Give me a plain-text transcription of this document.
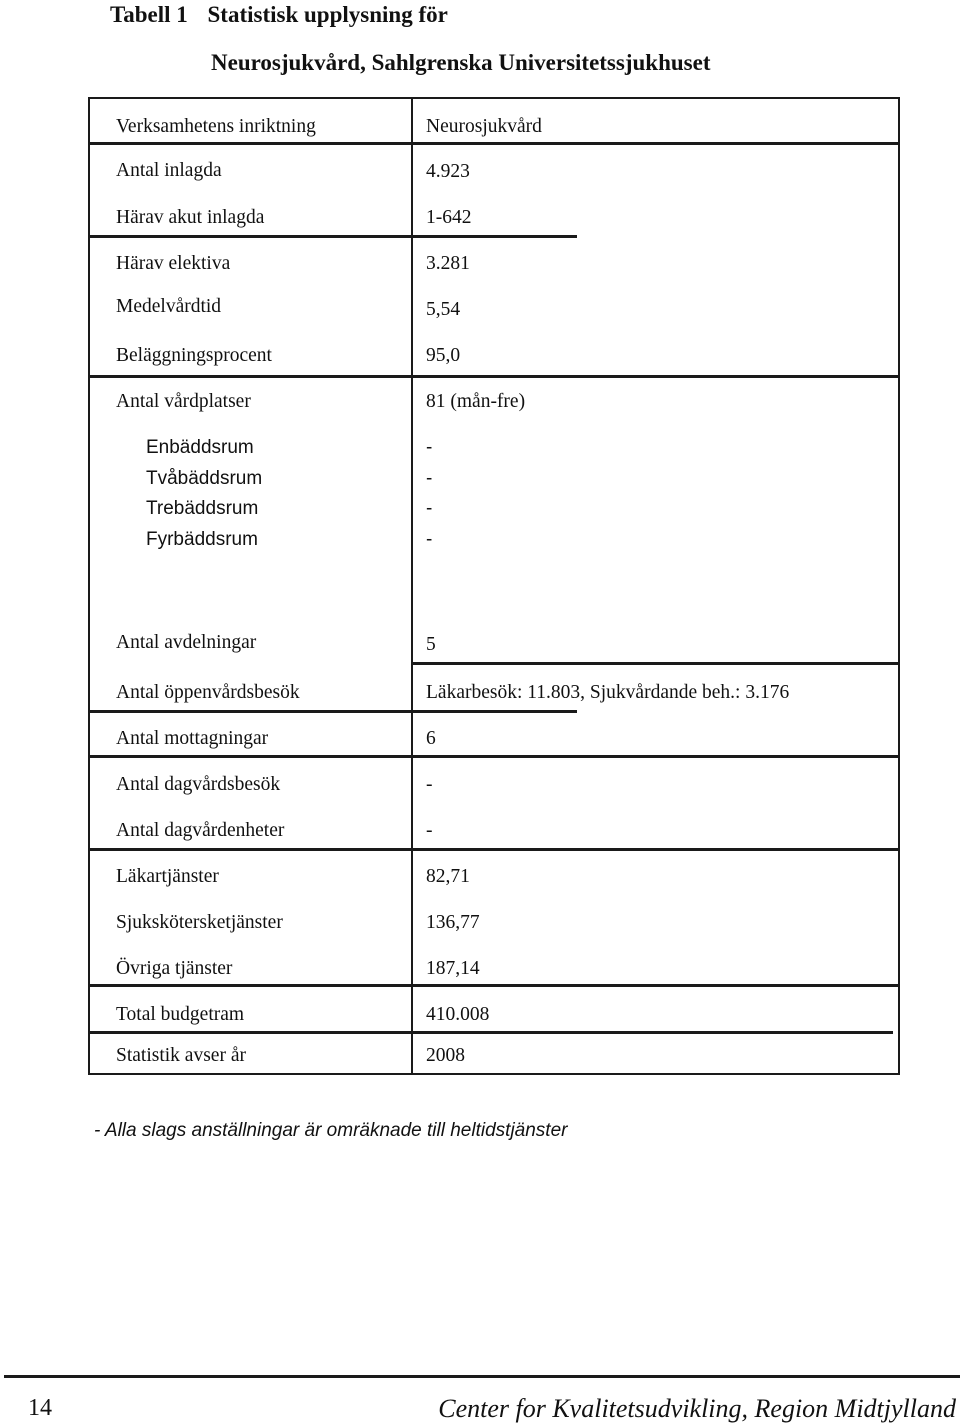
Tabell 1 Statistisk upplysning för
Neurosjukvård, Sahlgrenska Universitetssjukhuset
Verksamhetens inriktning	Neurosjukvård
Antal inlagda	4.923
Härav akut inlagda	1-642
Härav elektiva	3.281
Medelvårdtid	5,54
Beläggningsprocent	95,0
Antal vårdplatser	81 (mån-fre)
Enbäddsrum	-
Tvåbäddsrum	-
Trebäddsrum	-
Fyrbäddsrum	-
Antal avdelningar	5
Antal öppenvårdsbesök	Läkarbesök: 11.803, Sjukvårdande beh.: 3.176
Antal mottagningar	6
Antal dagvårdsbesök	-
Antal dagvårdenheter	-
Läkartjänster	82,71
Sjukskötersketjänster	136,77
Övriga tjänster	187,14
Total budgetram	410.008
Statistik avser år	2008
- Alla slags anställningar är omräknade till heltidstjänster
14	Center for Kvalitetsudvikling, Region Midtjylland
